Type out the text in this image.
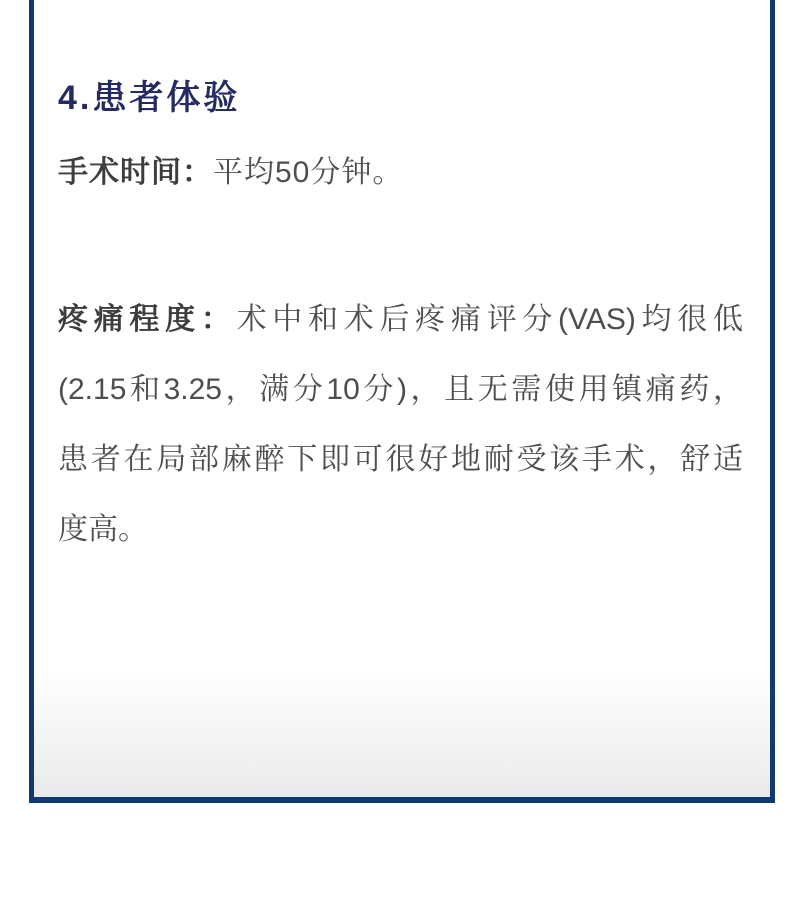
4.患者体验

手术时间：平均50分钟。

疼痛程度：术中和术后疼痛评分(VAS)均很低
(2.15和3.25，满分10分)，且无需使用镇痛药，
患者在局部麻醉下即可很好地耐受该手术，舒适
度高。
